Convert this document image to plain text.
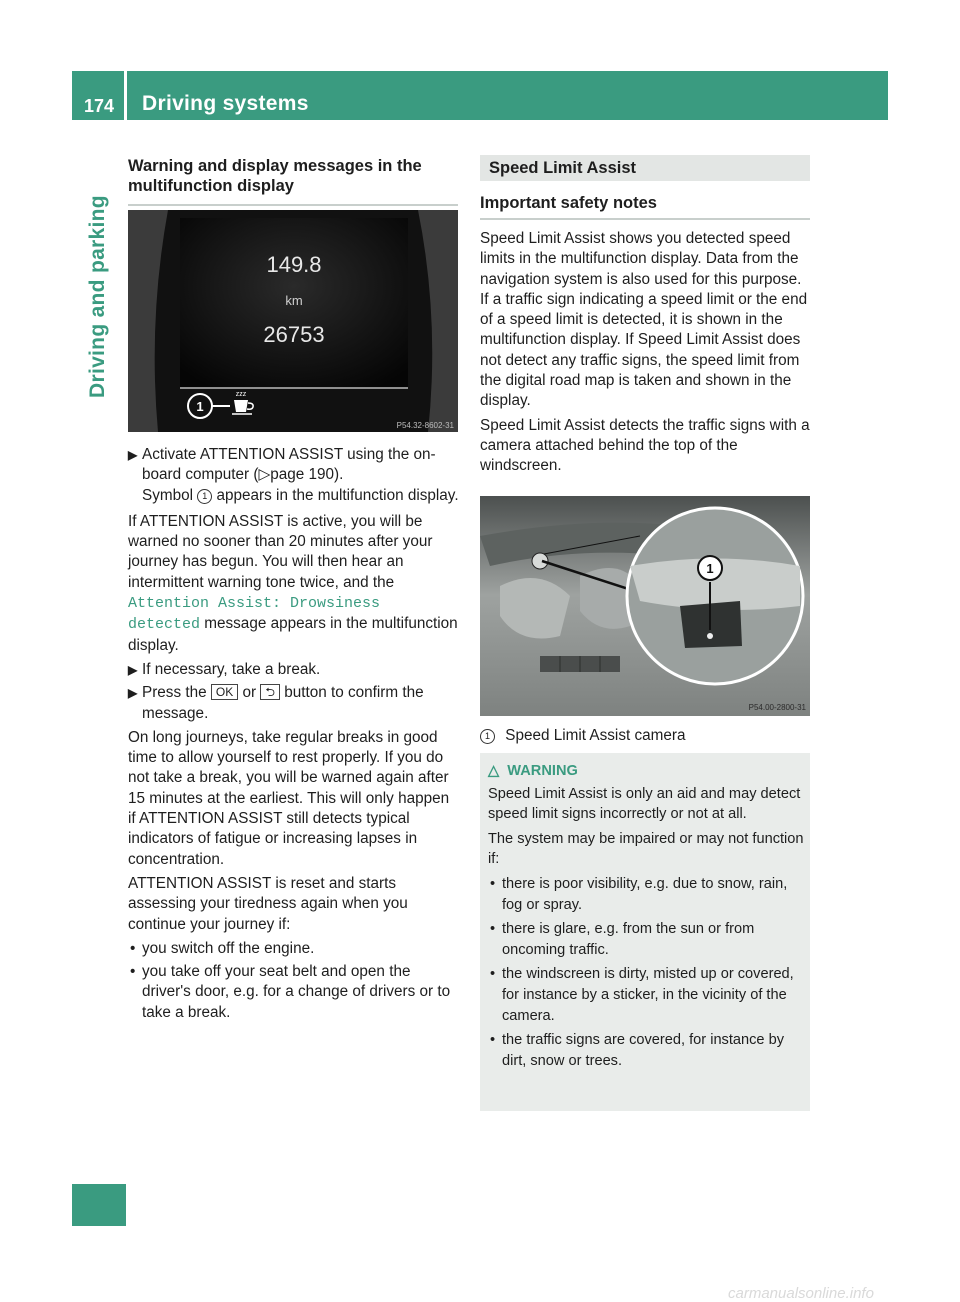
174 Driving systems
Driving and parking
Warning and display messages in the multifunction display
149.8
km
26753
1
zzz
P54.32-8602-31
▶ Activate ATTENTION ASSIST using the on-board computer (▷page 190).
Symbol 1 appears in the multifunction display.

If ATTENTION ASSIST is active, you will be warned no sooner than 20 minutes after your journey has begun. You will then hear an intermittent warning tone twice, and the Attention Assist: Drowsiness detected message appears in the multifunction display.

▶ If necessary, take a break.
▶ Press the OK or ⮌ button to confirm the message.

On long journeys, take regular breaks in good time to allow yourself to rest properly. If you do not take a break, you will be warned again after 15 minutes at the earliest. This will only happen if ATTENTION ASSIST still detects typical indicators of fatigue or increasing lapses in concentration.

ATTENTION ASSIST is reset and starts assessing your tiredness again when you continue your journey if:

• you switch off the engine.
• you take off your seat belt and open the driver's door, e.g. for a change of drivers or to take a break.
Speed Limit Assist
Important safety notes

Speed Limit Assist shows you detected speed limits in the multifunction display. Data from the navigation system is also used for this purpose. If a traffic sign indicating a speed limit or the end of a speed limit is detected, it is shown in the multifunction display. If Speed Limit Assist does not detect any traffic signs, the speed limit from the digital road map is taken and shown in the display.

Speed Limit Assist detects the traffic signs with a camera attached behind the top of the windscreen.

1
P54.00-2800-31
1 Speed Limit Assist camera
△ WARNING

Speed Limit Assist is only an aid and may detect speed limit signs incorrectly or not at all.

The system may be impaired or may not function if:

• there is poor visibility, e.g. due to snow, rain, fog or spray.
• there is glare, e.g. from the sun or from oncoming traffic.
• the windscreen is dirty, misted up or covered, for instance by a sticker, in the vicinity of the camera.
• the traffic signs are covered, for instance by dirt, snow or trees.
carmanualsonline.info
